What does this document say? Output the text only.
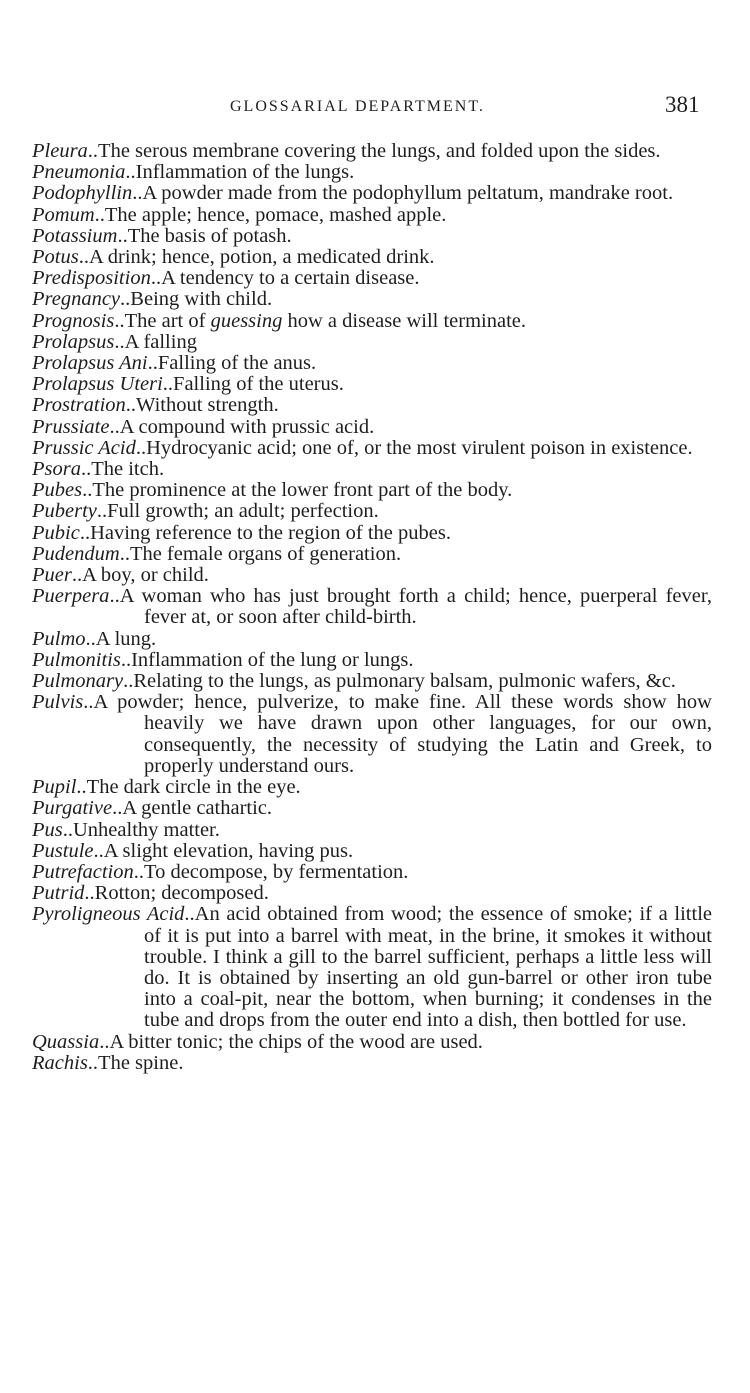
GLOSSARIAL DEPARTMENT.	381

Pleura..The serous membrane covering the lungs, and folded upon the sides.

Pneumonia..Inflammation of the lungs.

Podophyllin..A powder made from the podophyllum peltatum, mandrake root.

Pomum..The apple; hence, pomace, mashed apple.

Potassium..The basis of potash.

Potus..A drink; hence, potion, a medicated drink.

Predisposition..A tendency to a certain disease.

Pregnancy..Being with child.

Prognosis..The art of guessing how a disease will terminate.

Prolapsus..A falling

Prolapsus Ani..Falling of the anus.

Prolapsus Uteri..Falling of the uterus.

Prostration..Without strength.

Prussiate..A compound with prussic acid.

Prussic Acid..Hydrocyanic acid; one of, or the most virulent poison in existence.

Psora..The itch.

Pubes..The prominence at the lower front part of the body.

Puberty..Full growth; an adult; perfection.

Pubic..Having reference to the region of the pubes.

Pudendum..The female organs of generation.

Puer..A boy, or child.

Puerpera..A woman who has just brought forth a child; hence, puerperal fever, fever at, or soon after child-birth.

Pulmo..A lung.

Pulmonitis..Inflammation of the lung or lungs.

Pulmonary..Relating to the lungs, as pulmonary balsam, pulmonic wafers, &c.

Pulvis..A powder; hence, pulverize, to make fine. All these words show how heavily we have drawn upon other languages, for our own, consequently, the necessity of studying the Latin and Greek, to properly understand ours.

Pupil..The dark circle in the eye.

Purgative..A gentle cathartic.

Pus..Unhealthy matter.

Pustule..A slight elevation, having pus.

Putrefaction..To decompose, by fermentation.

Putrid..Rotton; decomposed.

Pyroligneous Acid..An acid obtained from wood; the essence of smoke; if a little of it is put into a barrel with meat, in the brine, it smokes it without trouble. I think a gill to the barrel sufficient, perhaps a little less will do. It is obtained by inserting an old gun-barrel or other iron tube into a coal-pit, near the bottom, when burning; it condenses in the tube and drops from the outer end into a dish, then bottled for use.

Quassia..A bitter tonic; the chips of the wood are used.

Rachis..The spine.
